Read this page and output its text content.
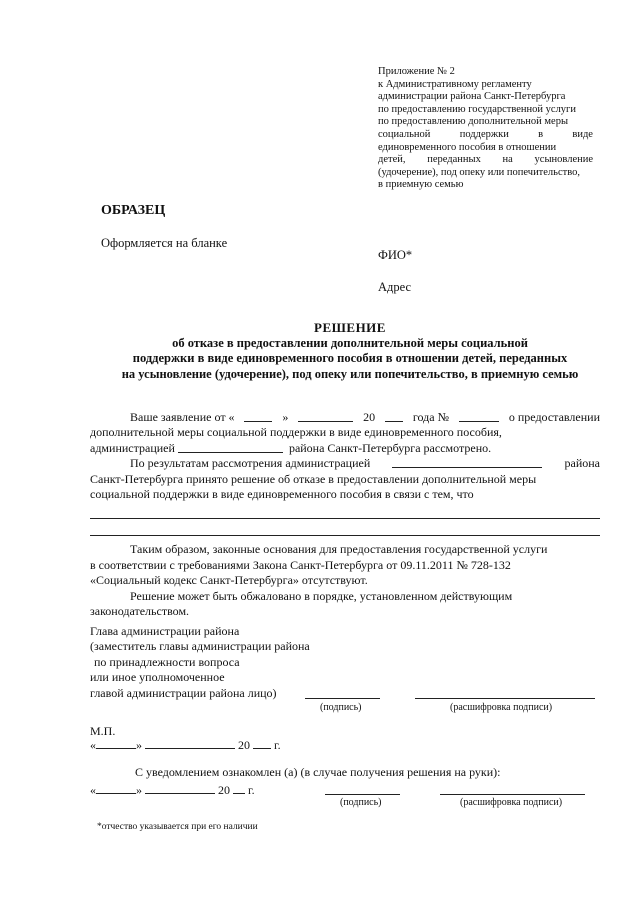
Приложение № 2
к Административному регламенту
администрации района Санкт-Петербурга
по предоставлению государственной услуги
по предоставлению дополнительной меры
социальной	поддержки	в	виде
единовременного пособия в отношении
детей, переданных на усыновление
(удочерение), под опеку или попечительство,
в приемную семью
ОБРАЗЕЦ
Оформляется на бланке
ФИО*
Адрес
РЕШЕНИЕ
об отказе в предоставлении дополнительной меры социальной
поддержки в виде единовременного пособия в отношении детей, переданных
на усыновление (удочерение), под опеку или попечительство, в приемную семью
Ваше заявление от «	»	20	года №	о предоставлении
дополнительной меры социальной поддержки в виде единовременного пособия,
администрацией

	района Санкт-Петербурга рассмотрено.
По результатам рассмотрения администрацией	района
Санкт-Петербурга принято решение об отказе в предоставлении дополнительной меры
социальной поддержки в виде единовременного пособия в связи с тем, что
Таким образом, законные основания для предоставления государственной услуги
в соответствии с требованиями Закона Санкт-Петербурга от 09.11.2011 № 728-132
«Социальный кодекс Санкт-Петербурга» отсутствуют.
Решение может быть обжаловано в порядке, установленном действующим
законодательством.
Глава администрации района
(заместитель главы администрации района
по принадлежности вопроса
или иное уполномоченное
главой администрации района лицо)
(подпись)	(расшифровка подписи)
М.П.
«	»	20 г.
С уведомлением ознакомлен (а) (в случае получения решения на руки):
«	»	20 г.
(подпись)	(расшифровка подписи)
*отчество указывается при его наличии
